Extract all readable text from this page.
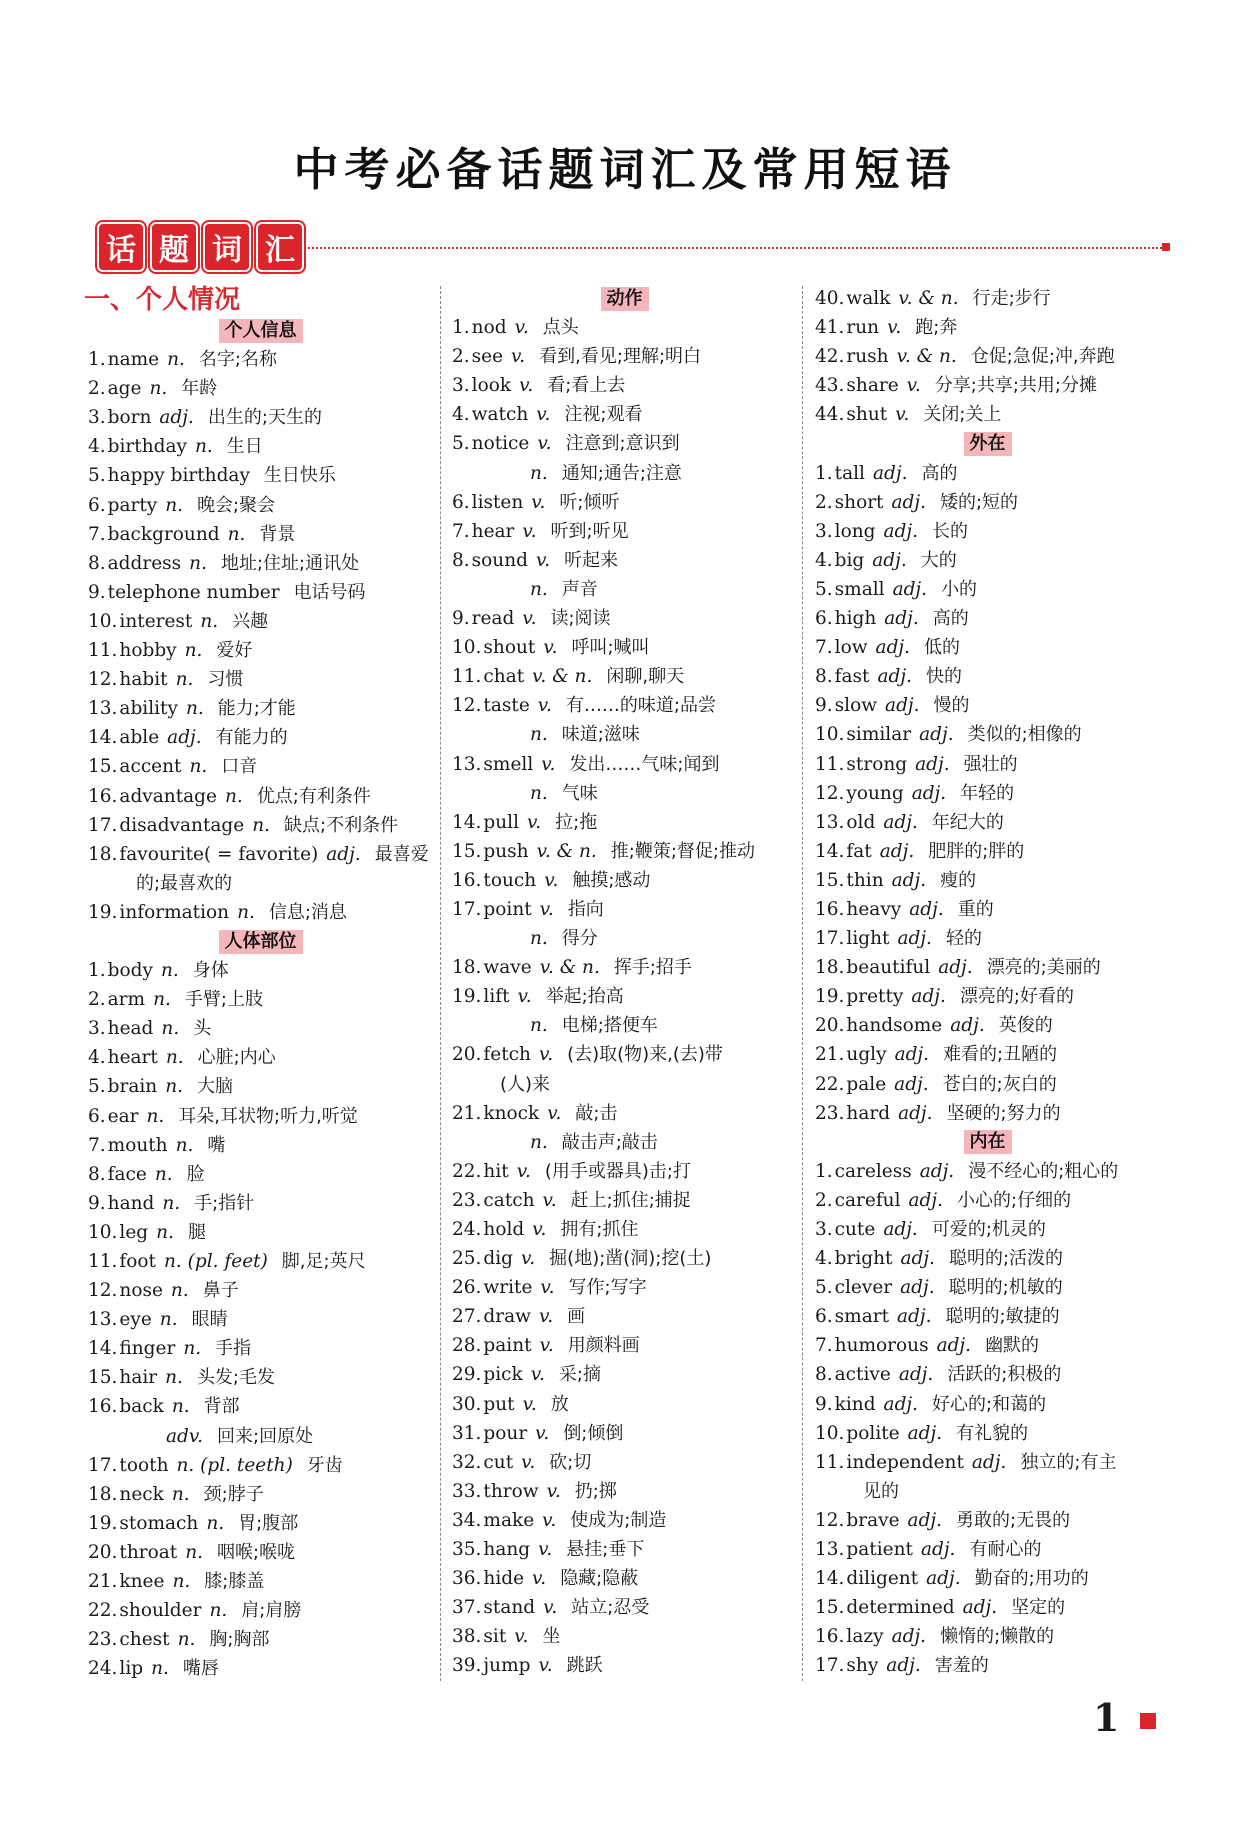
中考必备话题词汇及常用短语
话 题 词 汇
一、个人情况
个人信息
1. name n. 名字;名称
2. age n. 年龄
3. born adj. 出生的;天生的
4. birthday n. 生日
5. happy birthday 生日快乐
6. party n. 晚会;聚会
7. background n. 背景
8. address n. 地址;住址;通讯处
9. telephone number 电话号码
10. interest n. 兴趣
11. hobby n. 爱好
12. habit n. 习惯
13. ability n. 能力;才能
14. able adj. 有能力的
15. accent n. 口音
16. advantage n. 优点;有利条件
17. disadvantage n. 缺点;不利条件
18. favourite( = favorite) adj. 最喜爱
的;最喜欢的
19. information n. 信息;消息
人体部位
1. body n. 身体
2. arm n. 手臂;上肢
3. head n. 头
4. heart n. 心脏;内心
5. brain n. 大脑
6. ear n. 耳朵,耳状物;听力,听觉
7. mouth n. 嘴
8. face n. 脸
9. hand n. 手;指针
10. leg n. 腿
11. foot n. (pl. feet) 脚,足;英尺
12. nose n. 鼻子
13. eye n. 眼睛
14. finger n. 手指
15. hair n. 头发;毛发
16. back n. 背部
adv. 回来;回原处
17. tooth n. (pl. teeth) 牙齿
18. neck n. 颈;脖子
19. stomach n. 胃;腹部
20. throat n. 咽喉;喉咙
21. knee n. 膝;膝盖
22. shoulder n. 肩;肩膀
23. chest n. 胸;胸部
24. lip n. 嘴唇
动作
1. nod v. 点头
2. see v. 看到,看见;理解;明白
3. look v. 看;看上去
4. watch v. 注视;观看
5. notice v. 注意到;意识到
n. 通知;通告;注意
6. listen v. 听;倾听
7. hear v. 听到;听见
8. sound v. 听起来
n. 声音
9. read v. 读;阅读
10. shout v. 呼叫;喊叫
11. chat v. & n. 闲聊,聊天
12. taste v. 有……的味道;品尝
n. 味道;滋味
13. smell v. 发出……气味;闻到
n. 气味
14. pull v. 拉;拖
15. push v. & n. 推;鞭策;督促;推动
16. touch v. 触摸;感动
17. point v. 指向
n. 得分
18. wave v. & n. 挥手;招手
19. lift v. 举起;抬高
n. 电梯;搭便车
20. fetch v. (去)取(物)来,(去)带
(人)来
21. knock v. 敲;击
n. 敲击声;敲击
22. hit v. (用手或器具)击;打
23. catch v. 赶上;抓住;捕捉
24. hold v. 拥有;抓住
25. dig v. 掘(地);凿(洞);挖(土)
26. write v. 写作;写字
27. draw v. 画
28. paint v. 用颜料画
29. pick v. 采;摘
30. put v. 放
31. pour v. 倒;倾倒
32. cut v. 砍;切
33. throw v. 扔;掷
34. make v. 使成为;制造
35. hang v. 悬挂;垂下
36. hide v. 隐藏;隐蔽
37. stand v. 站立;忍受
38. sit v. 坐
39. jump v. 跳跃
40. walk v. & n. 行走;步行
41. run v. 跑;奔
42. rush v. & n. 仓促;急促;冲,奔跑
43. share v. 分享;共享;共用;分摊
44. shut v. 关闭;关上
外在
1. tall adj. 高的
2. short adj. 矮的;短的
3. long adj. 长的
4. big adj. 大的
5. small adj. 小的
6. high adj. 高的
7. low adj. 低的
8. fast adj. 快的
9. slow adj. 慢的
10. similar adj. 类似的;相像的
11. strong adj. 强壮的
12. young adj. 年轻的
13. old adj. 年纪大的
14. fat adj. 肥胖的;胖的
15. thin adj. 瘦的
16. heavy adj. 重的
17. light adj. 轻的
18. beautiful adj. 漂亮的;美丽的
19. pretty adj. 漂亮的;好看的
20. handsome adj. 英俊的
21. ugly adj. 难看的;丑陋的
22. pale adj. 苍白的;灰白的
23. hard adj. 坚硬的;努力的
内在
1. careless adj. 漫不经心的;粗心的
2. careful adj. 小心的;仔细的
3. cute adj. 可爱的;机灵的
4. bright adj. 聪明的;活泼的
5. clever adj. 聪明的;机敏的
6. smart adj. 聪明的;敏捷的
7. humorous adj. 幽默的
8. active adj. 活跃的;积极的
9. kind adj. 好心的;和蔼的
10. polite adj. 有礼貌的
11. independent adj. 独立的;有主
见的
12. brave adj. 勇敢的;无畏的
13. patient adj. 有耐心的
14. diligent adj. 勤奋的;用功的
15. determined adj. 坚定的
16. lazy adj. 懒惰的;懒散的
17. shy adj. 害羞的
1
